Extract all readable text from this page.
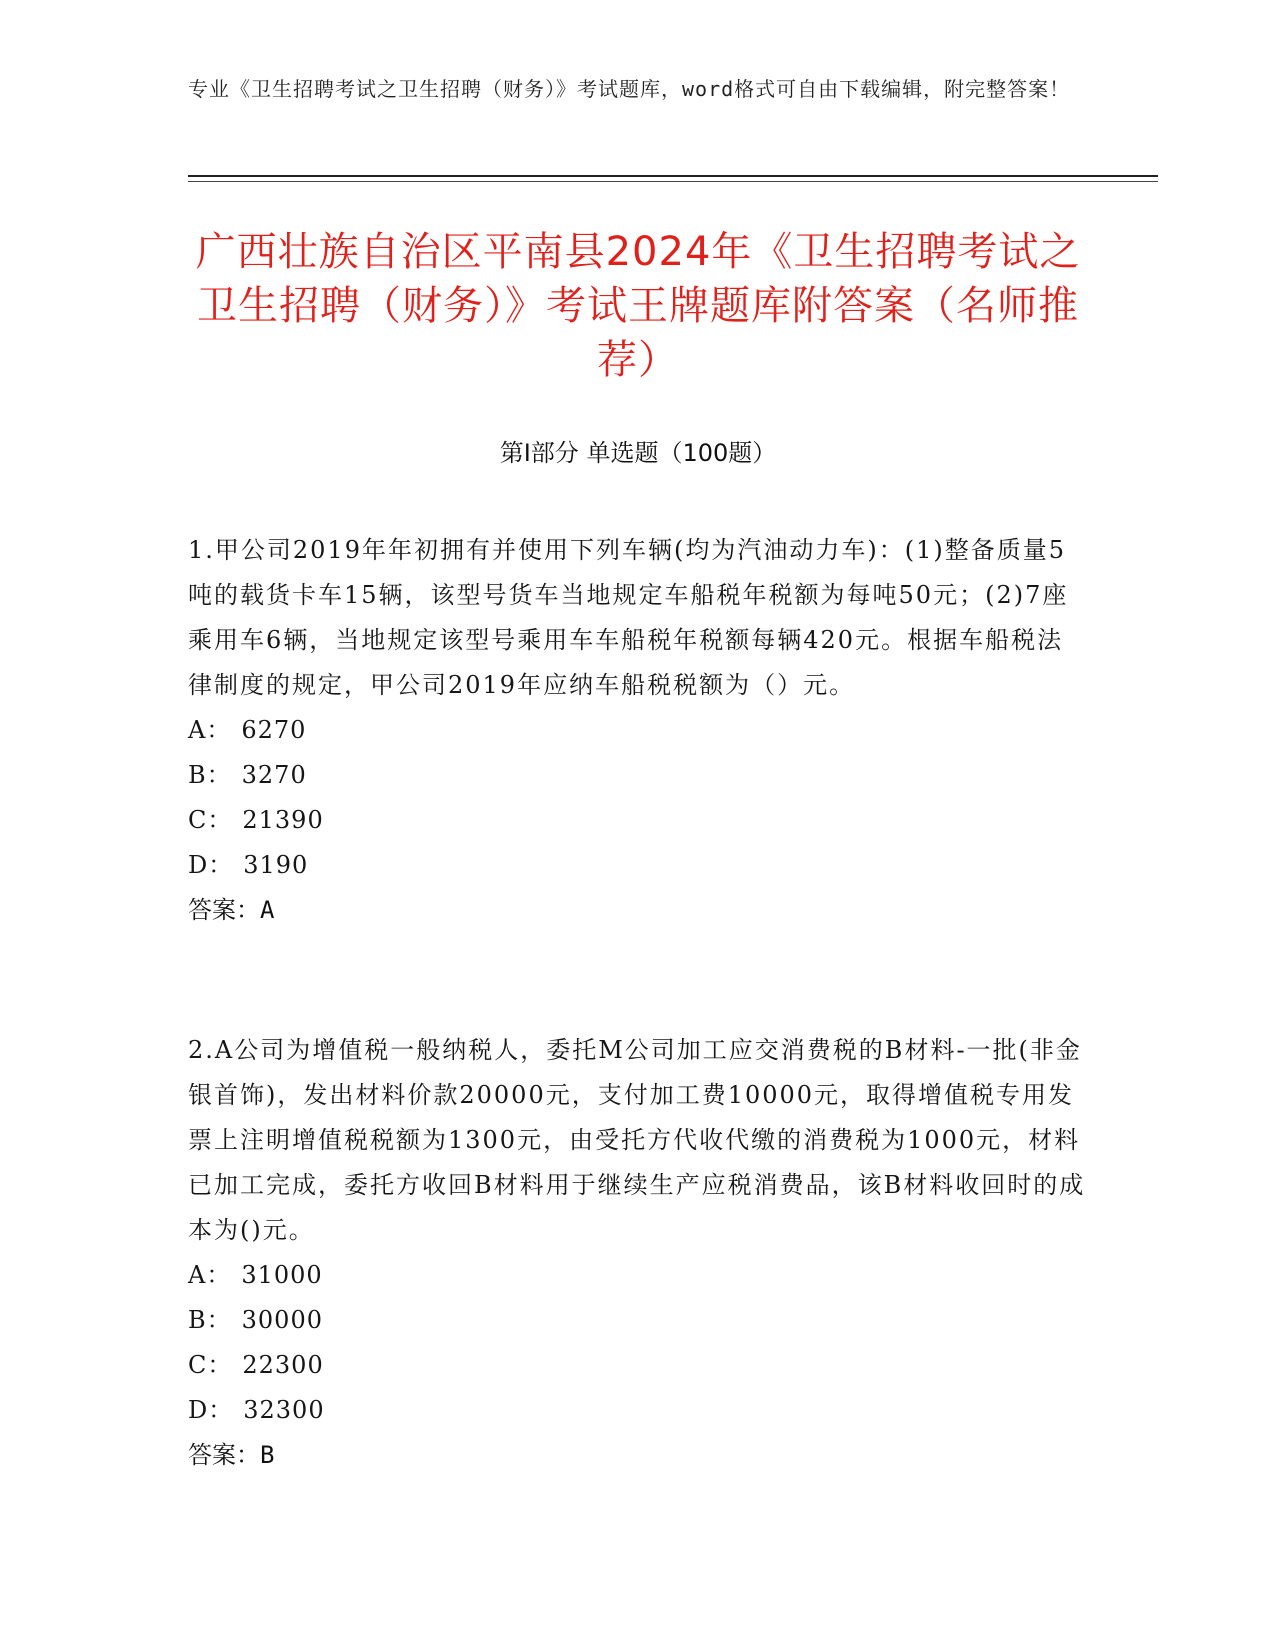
专业《卫生招聘考试之卫生招聘（财务）》考试题库，word格式可自由下载编辑，附完整答案！
广西壮族自治区平南县2024年《卫生招聘考试之卫生招聘（财务）》考试王牌题库附答案（名师推荐）
第I部分 单选题（100题）

1.甲公司2019年年初拥有并使用下列车辆(均为汽油动力车)：(1)整备质量5吨的载货卡车15辆，该型号货车当地规定车船税年税额为每吨50元；(2)7座乘用车6辆，当地规定该型号乘用车车船税年税额每辆420元。根据车船税法律制度的规定，甲公司2019年应纳车船税税额为（）元。

A： 6270

B： 3270

C： 21390

D： 3190

答案：A

2.A公司为增值税一般纳税人，委托M公司加工应交消费税的B材料-一批(非金银首饰)，发出材料价款20000元，支付加工费10000元，取得增值税专用发票上注明增值税税额为1300元，由受托方代收代缴的消费税为1000元，材料已加工完成，委托方收回B材料用于继续生产应税消费品，该B材料收回时的成本为()元。

A： 31000

B： 30000

C： 22300

D： 32300

答案：B
